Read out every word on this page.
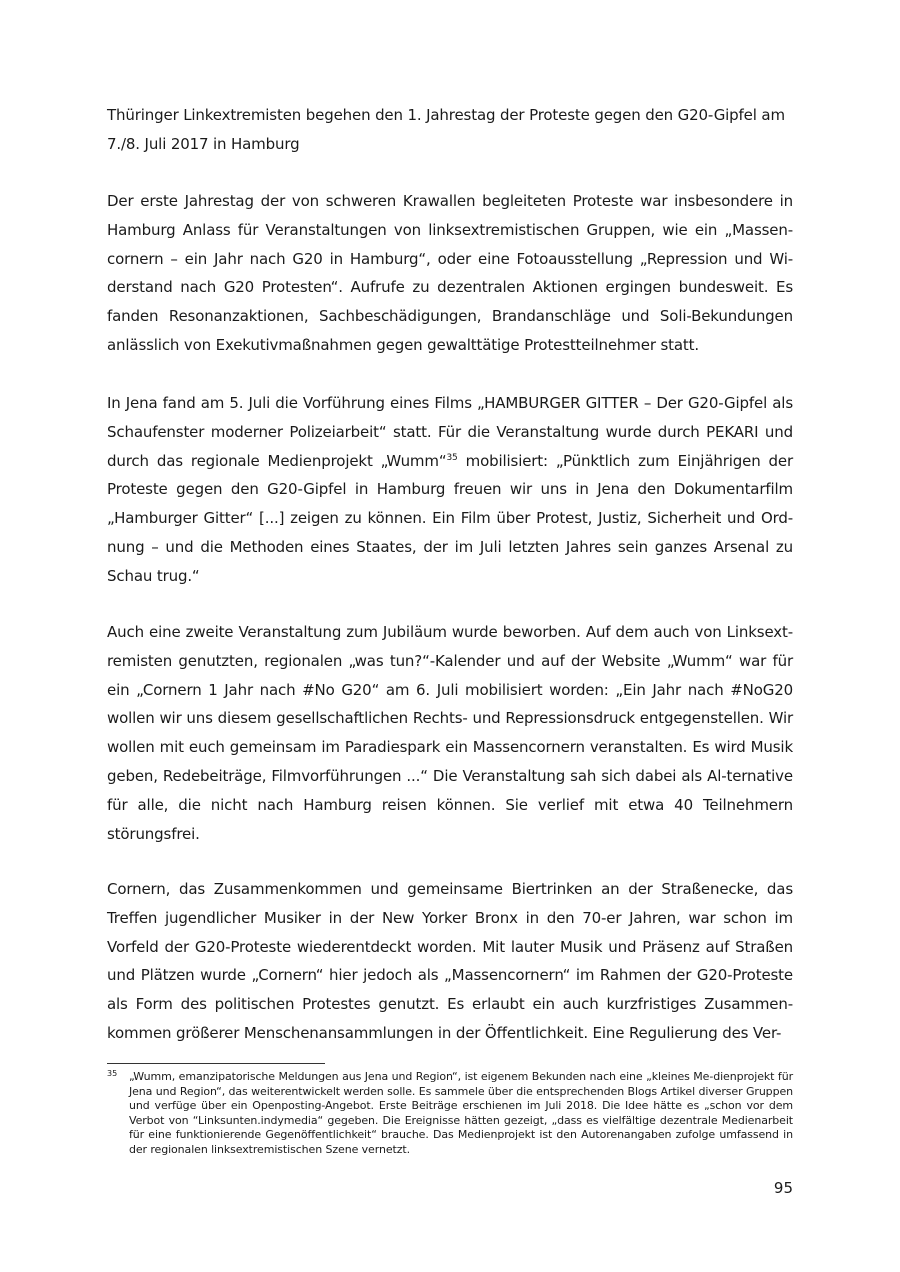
Thüringer Linkextremisten begehen den 1. Jahrestag der Proteste gegen den G20-Gipfel am 7./8. Juli 2017 in Hamburg

Der erste Jahrestag der von schweren Krawallen begleiteten Proteste war insbesondere in Hamburg Anlass für Veranstaltungen von linksextremistischen Gruppen, wie ein „Massen-cornern – ein Jahr nach G20 in Hamburg“, oder eine Fotoausstellung „Repression und Wi-derstand nach G20 Protesten“. Aufrufe zu dezentralen Aktionen ergingen bundesweit. Es fanden Resonanzaktionen, Sachbeschädigungen, Brandanschläge und Soli-Bekundungen anlässlich von Exekutivmaßnahmen gegen gewalttätige Protestteilnehmer statt.

In Jena fand am 5. Juli die Vorführung eines Films „HAMBURGER GITTER – Der G20-Gipfel als Schaufenster moderner Polizeiarbeit“ statt. Für die Veranstaltung wurde durch PEKARI und durch das regionale Medienprojekt „Wumm“$^{35}$ mobilisiert: „Pünktlich zum Einjährigen der Proteste gegen den G20-Gipfel in Hamburg freuen wir uns in Jena den Dokumentarfilm „Hamburger Gitter“ [...] zeigen zu können. Ein Film über Protest, Justiz, Sicherheit und Ord-nung – und die Methoden eines Staates, der im Juli letzten Jahres sein ganzes Arsenal zu Schau trug.“

Auch eine zweite Veranstaltung zum Jubiläum wurde beworben. Auf dem auch von Linksext-remisten genutzten, regionalen „was tun?“-Kalender und auf der Website „Wumm“ war für ein „Cornern 1 Jahr nach #No G20“ am 6. Juli mobilisiert worden: „Ein Jahr nach #NoG20 wollen wir uns diesem gesellschaftlichen Rechts- und Repressionsdruck entgegenstellen. Wir wollen mit euch gemeinsam im Paradiespark ein Massencornern veranstalten. Es wird Musik geben, Redebeiträge, Filmvorführungen ...“ Die Veranstaltung sah sich dabei als Al-ternative für alle, die nicht nach Hamburg reisen können. Sie verlief mit etwa 40 Teilnehmern störungsfrei.

Cornern, das Zusammenkommen und gemeinsame Biertrinken an der Straßenecke, das Treffen jugendlicher Musiker in der New Yorker Bronx in den 70-er Jahren, war schon im Vorfeld der G20-Proteste wiederentdeckt worden. Mit lauter Musik und Präsenz auf Straßen und Plätzen wurde „Cornern“ hier jedoch als „Massencornern“ im Rahmen der G20-Proteste als Form des politischen Protestes genutzt. Es erlaubt ein auch kurzfristiges Zusammen-kommen größerer Menschenansammlungen in der Öffentlichkeit. Eine Regulierung des Ver-

35 „Wumm, emanzipatorische Meldungen aus Jena und Region“, ist eigenem Bekunden nach eine „kleines Me-dienprojekt für Jena und Region“, das weiterentwickelt werden solle. Es sammele über die entsprechenden Blogs Artikel diverser Gruppen und verfüge über ein Openposting-Angebot. Erste Beiträge erschienen im Juli 2018. Die Idee hätte es „schon vor dem Verbot von “Linksunten.indymedia“ gegeben. Die Ereignisse hätten gezeigt, „dass es vielfältige dezentrale Medienarbeit für eine funktionierende Gegenöffentlichkeit“ brauche. Das Medienprojekt ist den Autorenangaben zufolge umfassend in der regionalen linksextremistischen Szene vernetzt.

95
